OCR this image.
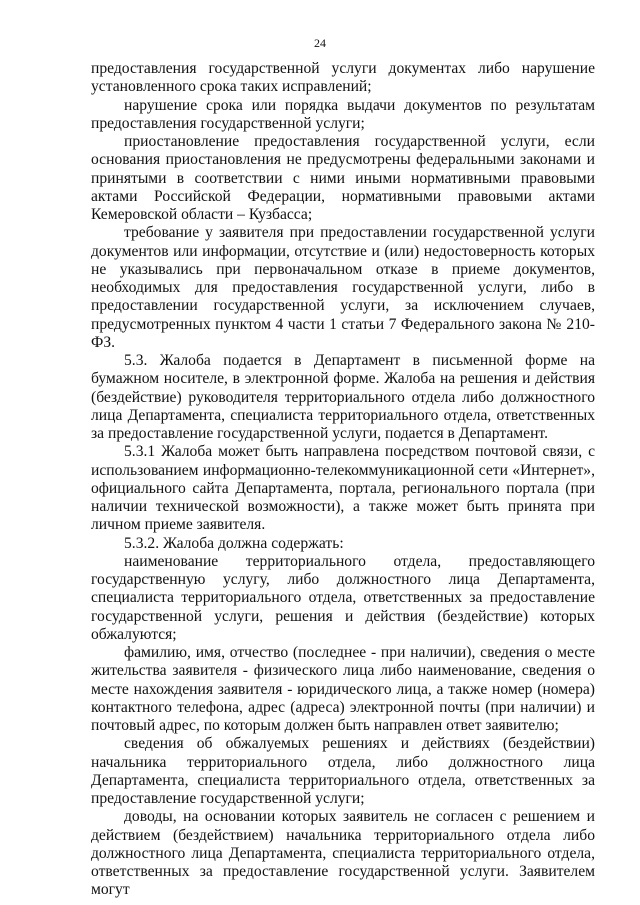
24

предоставления государственной услуги документах либо нарушение установленного срока таких исправлений;

нарушение срока или порядка выдачи документов по результатам предоставления государственной услуги;

приостановление предоставления государственной услуги, если основания приостановления не предусмотрены федеральными законами и принятыми в соответствии с ними иными нормативными правовыми актами Российской Федерации, нормативными правовыми актами Кемеровской области – Кузбасса;

требование у заявителя при предоставлении государственной услуги документов или информации, отсутствие и (или) недостоверность которых не указывались при первоначальном отказе в приеме документов, необходимых для предоставления государственной услуги, либо в предоставлении государственной услуги, за исключением случаев, предусмотренных пунктом 4 части 1 статьи 7 Федерального закона № 210-ФЗ.

5.3. Жалоба подается в Департамент в письменной форме на бумажном носителе, в электронной форме. Жалоба на решения и действия (бездействие) руководителя территориального отдела либо должностного лица Департамента, специалиста территориального отдела, ответственных за предоставление государственной услуги, подается в Департамент.

5.3.1 Жалоба может быть направлена посредством почтовой связи, с использованием информационно-телекоммуникационной сети «Интернет», официального сайта Департамента, портала, регионального портала (при наличии технической возможности), а также может быть принята при личном приеме заявителя.

5.3.2. Жалоба должна содержать:

наименование территориального отдела, предоставляющего государственную услугу, либо должностного лица Департамента, специалиста территориального отдела, ответственных за предоставление государственной услуги, решения и действия (бездействие) которых обжалуются;

фамилию, имя, отчество (последнее - при наличии), сведения о месте жительства заявителя - физического лица либо наименование, сведения о месте нахождения заявителя - юридического лица, а также номер (номера) контактного телефона, адрес (адреса) электронной почты (при наличии) и почтовый адрес, по которым должен быть направлен ответ заявителю;

сведения об обжалуемых решениях и действиях (бездействии) начальника территориального отдела, либо должностного лица Департамента, специалиста территориального отдела, ответственных за предоставление государственной услуги;

доводы, на основании которых заявитель не согласен с решением и действием (бездействием) начальника территориального отдела либо должностного лица Департамента, специалиста территориального отдела, ответственных за предоставление государственной услуги. Заявителем могут
